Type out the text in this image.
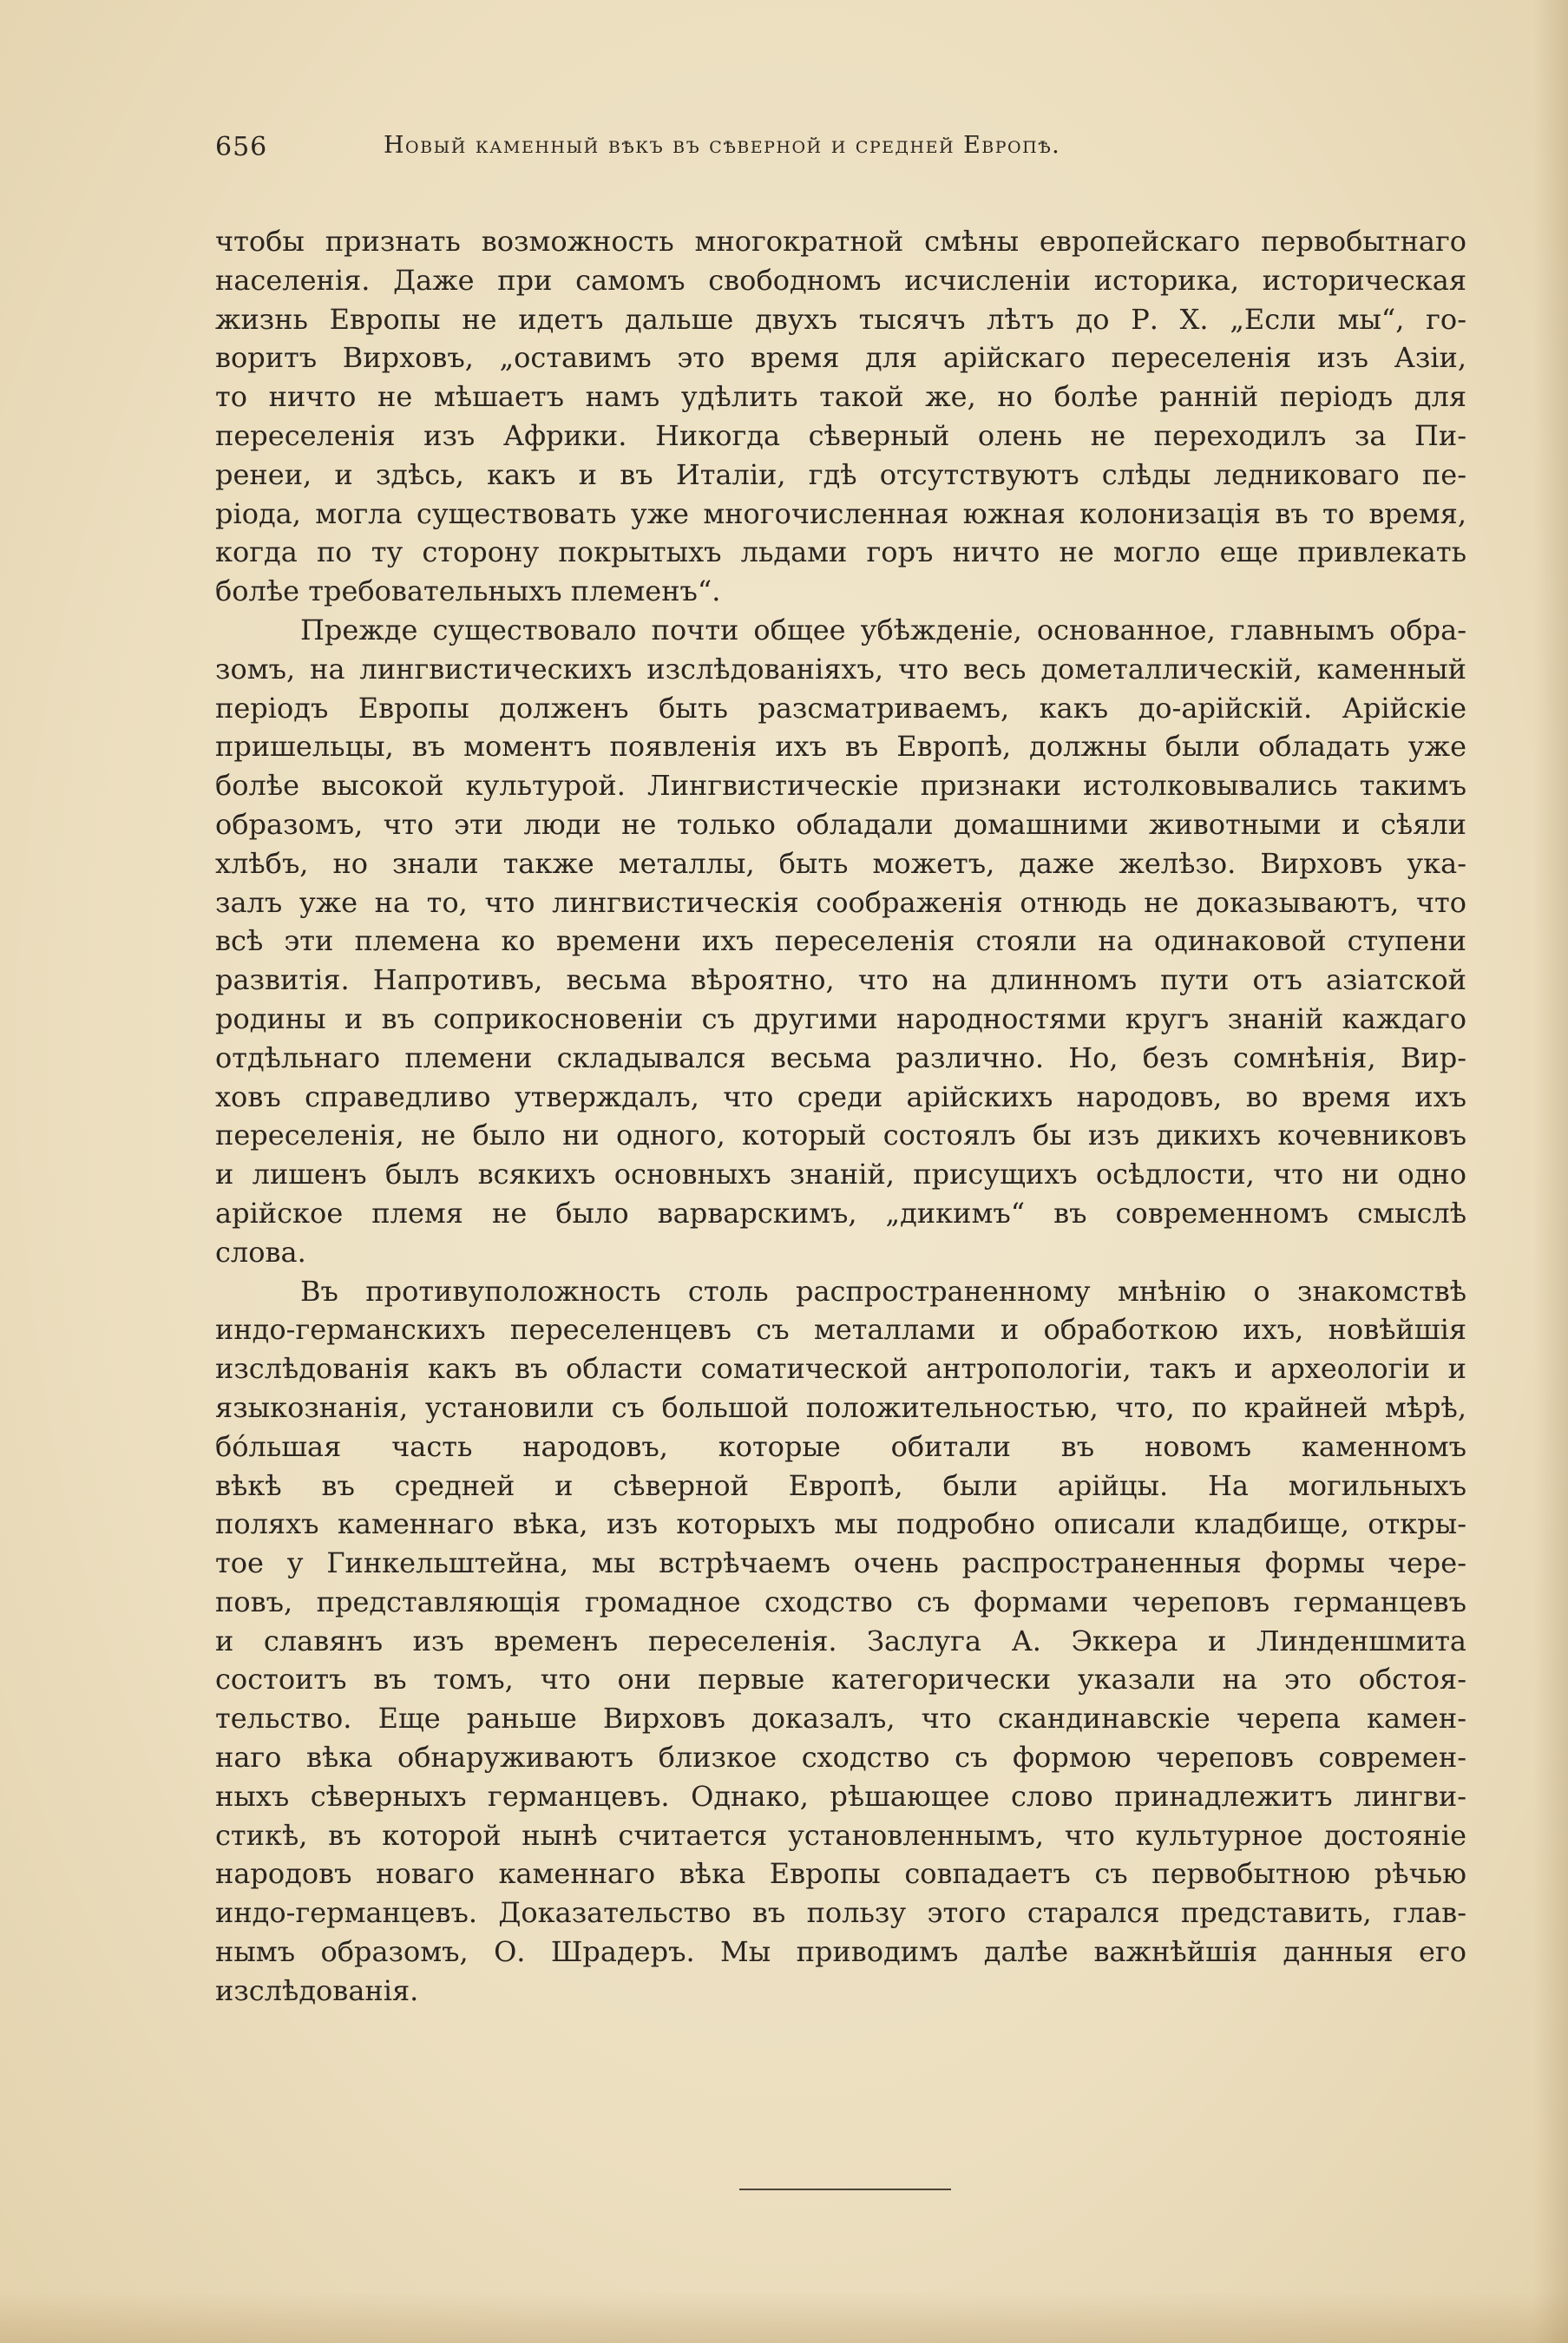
656	Новый каменный вѣкъ въ сѣверной и средней Европѣ.
чтобы признать возможность многократной смѣны европейскаго первобытнаго
населенія. Даже при самомъ свободномъ исчисленіи историка, историческая
жизнь Европы не идетъ дальше двухъ тысячъ лѣтъ до Р. Х. „Если мы“, го-
воритъ Вирховъ, „оставимъ это время для арійскаго переселенія изъ Азіи,
то ничто не мѣшаетъ намъ удѣлить такой же, но болѣе ранній періодъ для
переселенія изъ Африки. Никогда сѣверный олень не переходилъ за Пи-
ренеи, и здѣсь, какъ и въ Италіи, гдѣ отсутствуютъ слѣды ледниковаго пе-
ріода, могла существовать уже многочисленная южная колонизація въ то время,
когда по ту сторону покрытыхъ льдами горъ ничто не могло еще привлекать
болѣе требовательныхъ племенъ“.
Прежде существовало почти общее убѣжденіе, основанное, главнымъ обра-
зомъ, на лингвистическихъ изслѣдованіяхъ, что весь дометаллическій, каменный
періодъ Европы долженъ быть разсматриваемъ, какъ до-арійскій. Арійскіе
пришельцы, въ моментъ появленія ихъ въ Европѣ, должны были обладать уже
болѣе высокой культурой. Лингвистическіе признаки истолковывались такимъ
образомъ, что эти люди не только обладали домашними животными и сѣяли
хлѣбъ, но знали также металлы, быть можетъ, даже желѣзо. Вирховъ ука-
залъ уже на то, что лингвистическія соображенія отнюдь не доказываютъ, что
всѣ эти племена ко времени ихъ переселенія стояли на одинаковой ступени
развитія. Напротивъ, весьма вѣроятно, что на длинномъ пути отъ азіатской
родины и въ соприкосновеніи съ другими народностями кругъ знаній каждаго
отдѣльнаго племени складывался весьма различно. Но, безъ сомнѣнія, Вир-
ховъ справедливо утверждалъ, что среди арійскихъ народовъ, во время ихъ
переселенія, не было ни одного, который состоялъ бы изъ дикихъ кочевниковъ
и лишенъ былъ всякихъ основныхъ знаній, присущихъ осѣдлости, что ни одно
арійское племя не было варварскимъ, „дикимъ“ въ современномъ смыслѣ
слова.
Въ противуположность столь распространенному мнѣнію о знакомствѣ
индо-германскихъ переселенцевъ съ металлами и обработкою ихъ, новѣйшія
изслѣдованія какъ въ области соматической антропологіи, такъ и археологіи и
языкознанія, установили съ большой положительностью, что, по крайней мѣрѣ,
бо́льшая часть народовъ, которые обитали въ новомъ каменномъ
вѣкѣ въ средней и сѣверной Европѣ, были арійцы. На могильныхъ
поляхъ каменнаго вѣка, изъ которыхъ мы подробно описали кладбище, откры-
тое у Гинкельштейна, мы встрѣчаемъ очень распространенныя формы чере-
повъ, представляющія громадное сходство съ формами череповъ германцевъ
и славянъ изъ временъ переселенія. Заслуга А. Эккера и Линденшмита
состоитъ въ томъ, что они первые категорически указали на это обстоя-
тельство. Еще раньше Вирховъ доказалъ, что скандинавскіе черепа камен-
наго вѣка обнаруживаютъ близкое сходство съ формою череповъ современ-
ныхъ сѣверныхъ германцевъ. Однако, рѣшающее слово принадлежитъ лингви-
стикѣ, въ которой нынѣ считается установленнымъ, что культурное достояніе
народовъ новаго каменнаго вѣка Европы совпадаетъ съ первобытною рѣчью
индо-германцевъ. Доказательство въ пользу этого старался представить, глав-
нымъ образомъ, О. Шрадеръ. Мы приводимъ далѣе важнѣйшія данныя его
изслѣдованія.
